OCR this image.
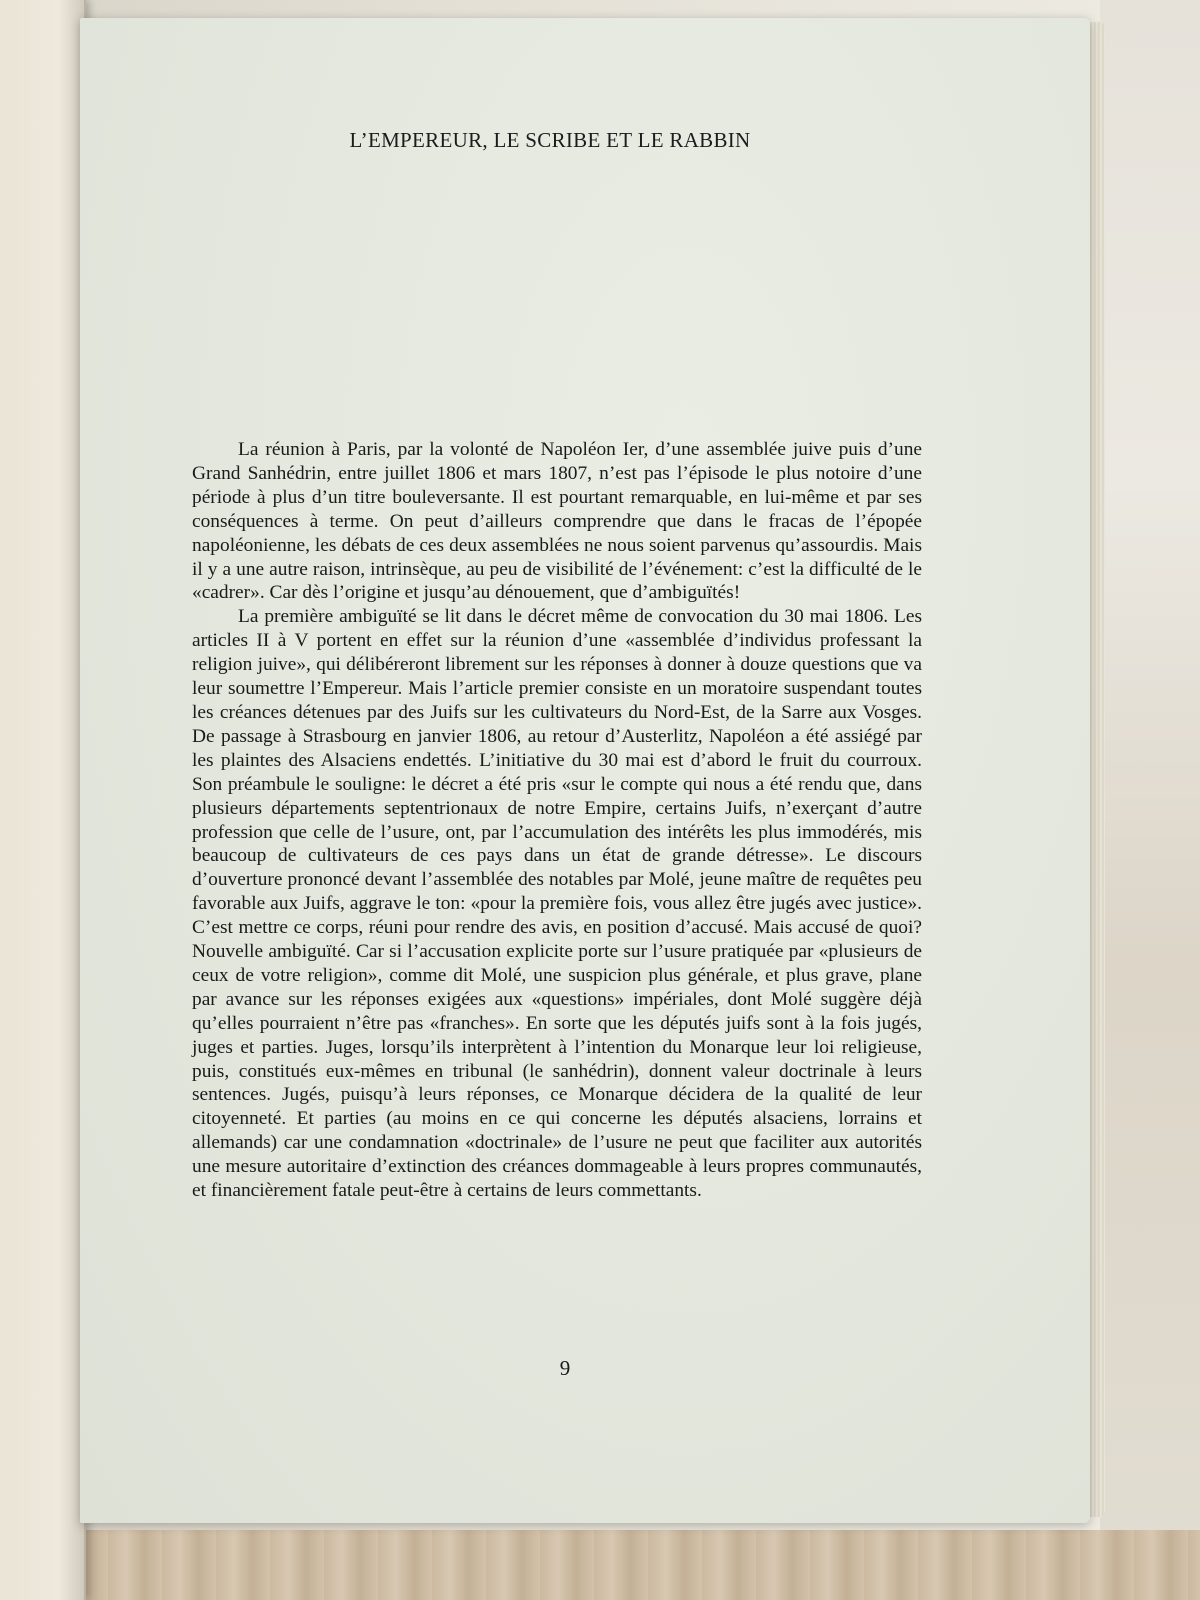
L’EMPEREUR, LE SCRIBE ET LE RABBIN

La réunion à Paris, par la volonté de Napoléon Ier, d’une assemblée juive puis d’une Grand Sanhédrin, entre juillet 1806 et mars 1807, n’est pas l’épisode le plus notoire d’une période à plus d’un titre bouleversante. Il est pourtant remarquable, en lui-même et par ses conséquences à terme. On peut d’ailleurs comprendre que dans le fracas de l’épopée napoléonienne, les débats de ces deux assemblées ne nous soient parvenus qu’assourdis. Mais il y a une autre raison, intrinsèque, au peu de visibilité de l’événement: c’est la difficulté de le «cadrer». Car dès l’origine et jusqu’au dénouement, que d’ambiguïtés!

La première ambiguïté se lit dans le décret même de convocation du 30 mai 1806. Les articles II à V portent en effet sur la réunion d’une «assemblée d’individus professant la religion juive», qui délibéreront librement sur les réponses à donner à douze questions que va leur soumettre l’Empereur. Mais l’article premier consiste en un moratoire suspendant toutes les créances détenues par des Juifs sur les cultivateurs du Nord-Est, de la Sarre aux Vosges. De passage à Strasbourg en janvier 1806, au retour d’Austerlitz, Napoléon a été assiégé par les plaintes des Alsaciens endettés. L’initiative du 30 mai est d’abord le fruit du courroux. Son préambule le souligne: le décret a été pris «sur le compte qui nous a été rendu que, dans plusieurs départements septentrionaux de notre Empire, certains Juifs, n’exerçant d’autre profession que celle de l’usure, ont, par l’accumulation des intérêts les plus immodérés, mis beaucoup de cultivateurs de ces pays dans un état de grande détresse». Le discours d’ouverture prononcé devant l’assemblée des notables par Molé, jeune maître de requêtes peu favorable aux Juifs, aggrave le ton: «pour la première fois, vous allez être jugés avec justice». C’est mettre ce corps, réuni pour rendre des avis, en position d’accusé. Mais accusé de quoi? Nouvelle ambiguïté. Car si l’accusation explicite porte sur l’usure pratiquée par «plusieurs de ceux de votre religion», comme dit Molé, une suspicion plus générale, et plus grave, plane par avance sur les réponses exigées aux «questions» impériales, dont Molé suggère déjà qu’elles pourraient n’être pas «franches». En sorte que les députés juifs sont à la fois jugés, juges et parties. Juges, lorsqu’ils interprètent à l’intention du Monarque leur loi religieuse, puis, constitués eux-mêmes en tribunal (le sanhédrin), donnent valeur doctrinale à leurs sentences. Jugés, puisqu’à leurs réponses, ce Monarque décidera de la qualité de leur citoyenneté. Et parties (au moins en ce qui concerne les députés alsaciens, lorrains et allemands) car une condamnation «doctrinale» de l’usure ne peut que faciliter aux autorités une mesure autoritaire d’extinction des créances dommageable à leurs propres communautés, et financièrement fatale peut-être à certains de leurs commettants.

9
